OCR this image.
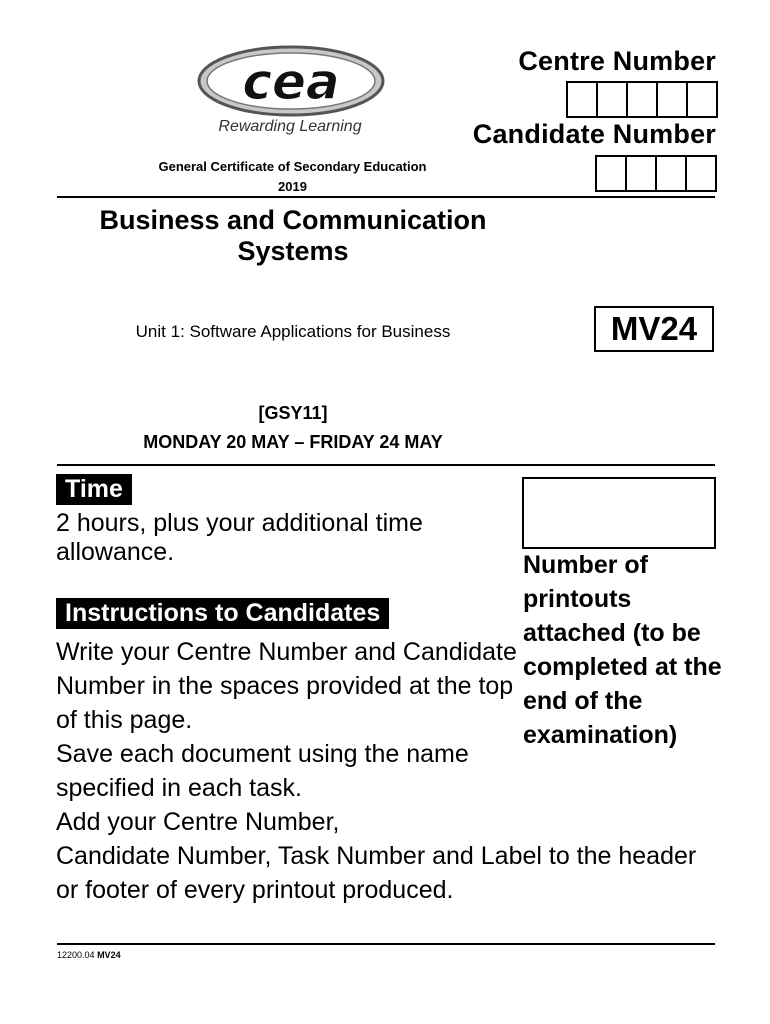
cea
Rewarding Learning
Centre Number
Candidate Number
General Certificate of Secondary Education
2019
Business and Communication Systems
Unit 1: Software Applications for Business	MV24
[GSY11]
MONDAY 20 MAY – FRIDAY 24 MAY
Time
2 hours, plus your additional time allowance.
Instructions to Candidates

Write your Centre Number and Candidate Number in the spaces provided at the top of this page.

Save each document using the name specified in each task.

Add your Centre Number,
Candidate Number, Task Number and Label to the header or footer of every printout produced.

Number of printouts attached (to be completed at the end of the examination)
12200.04 MV24
